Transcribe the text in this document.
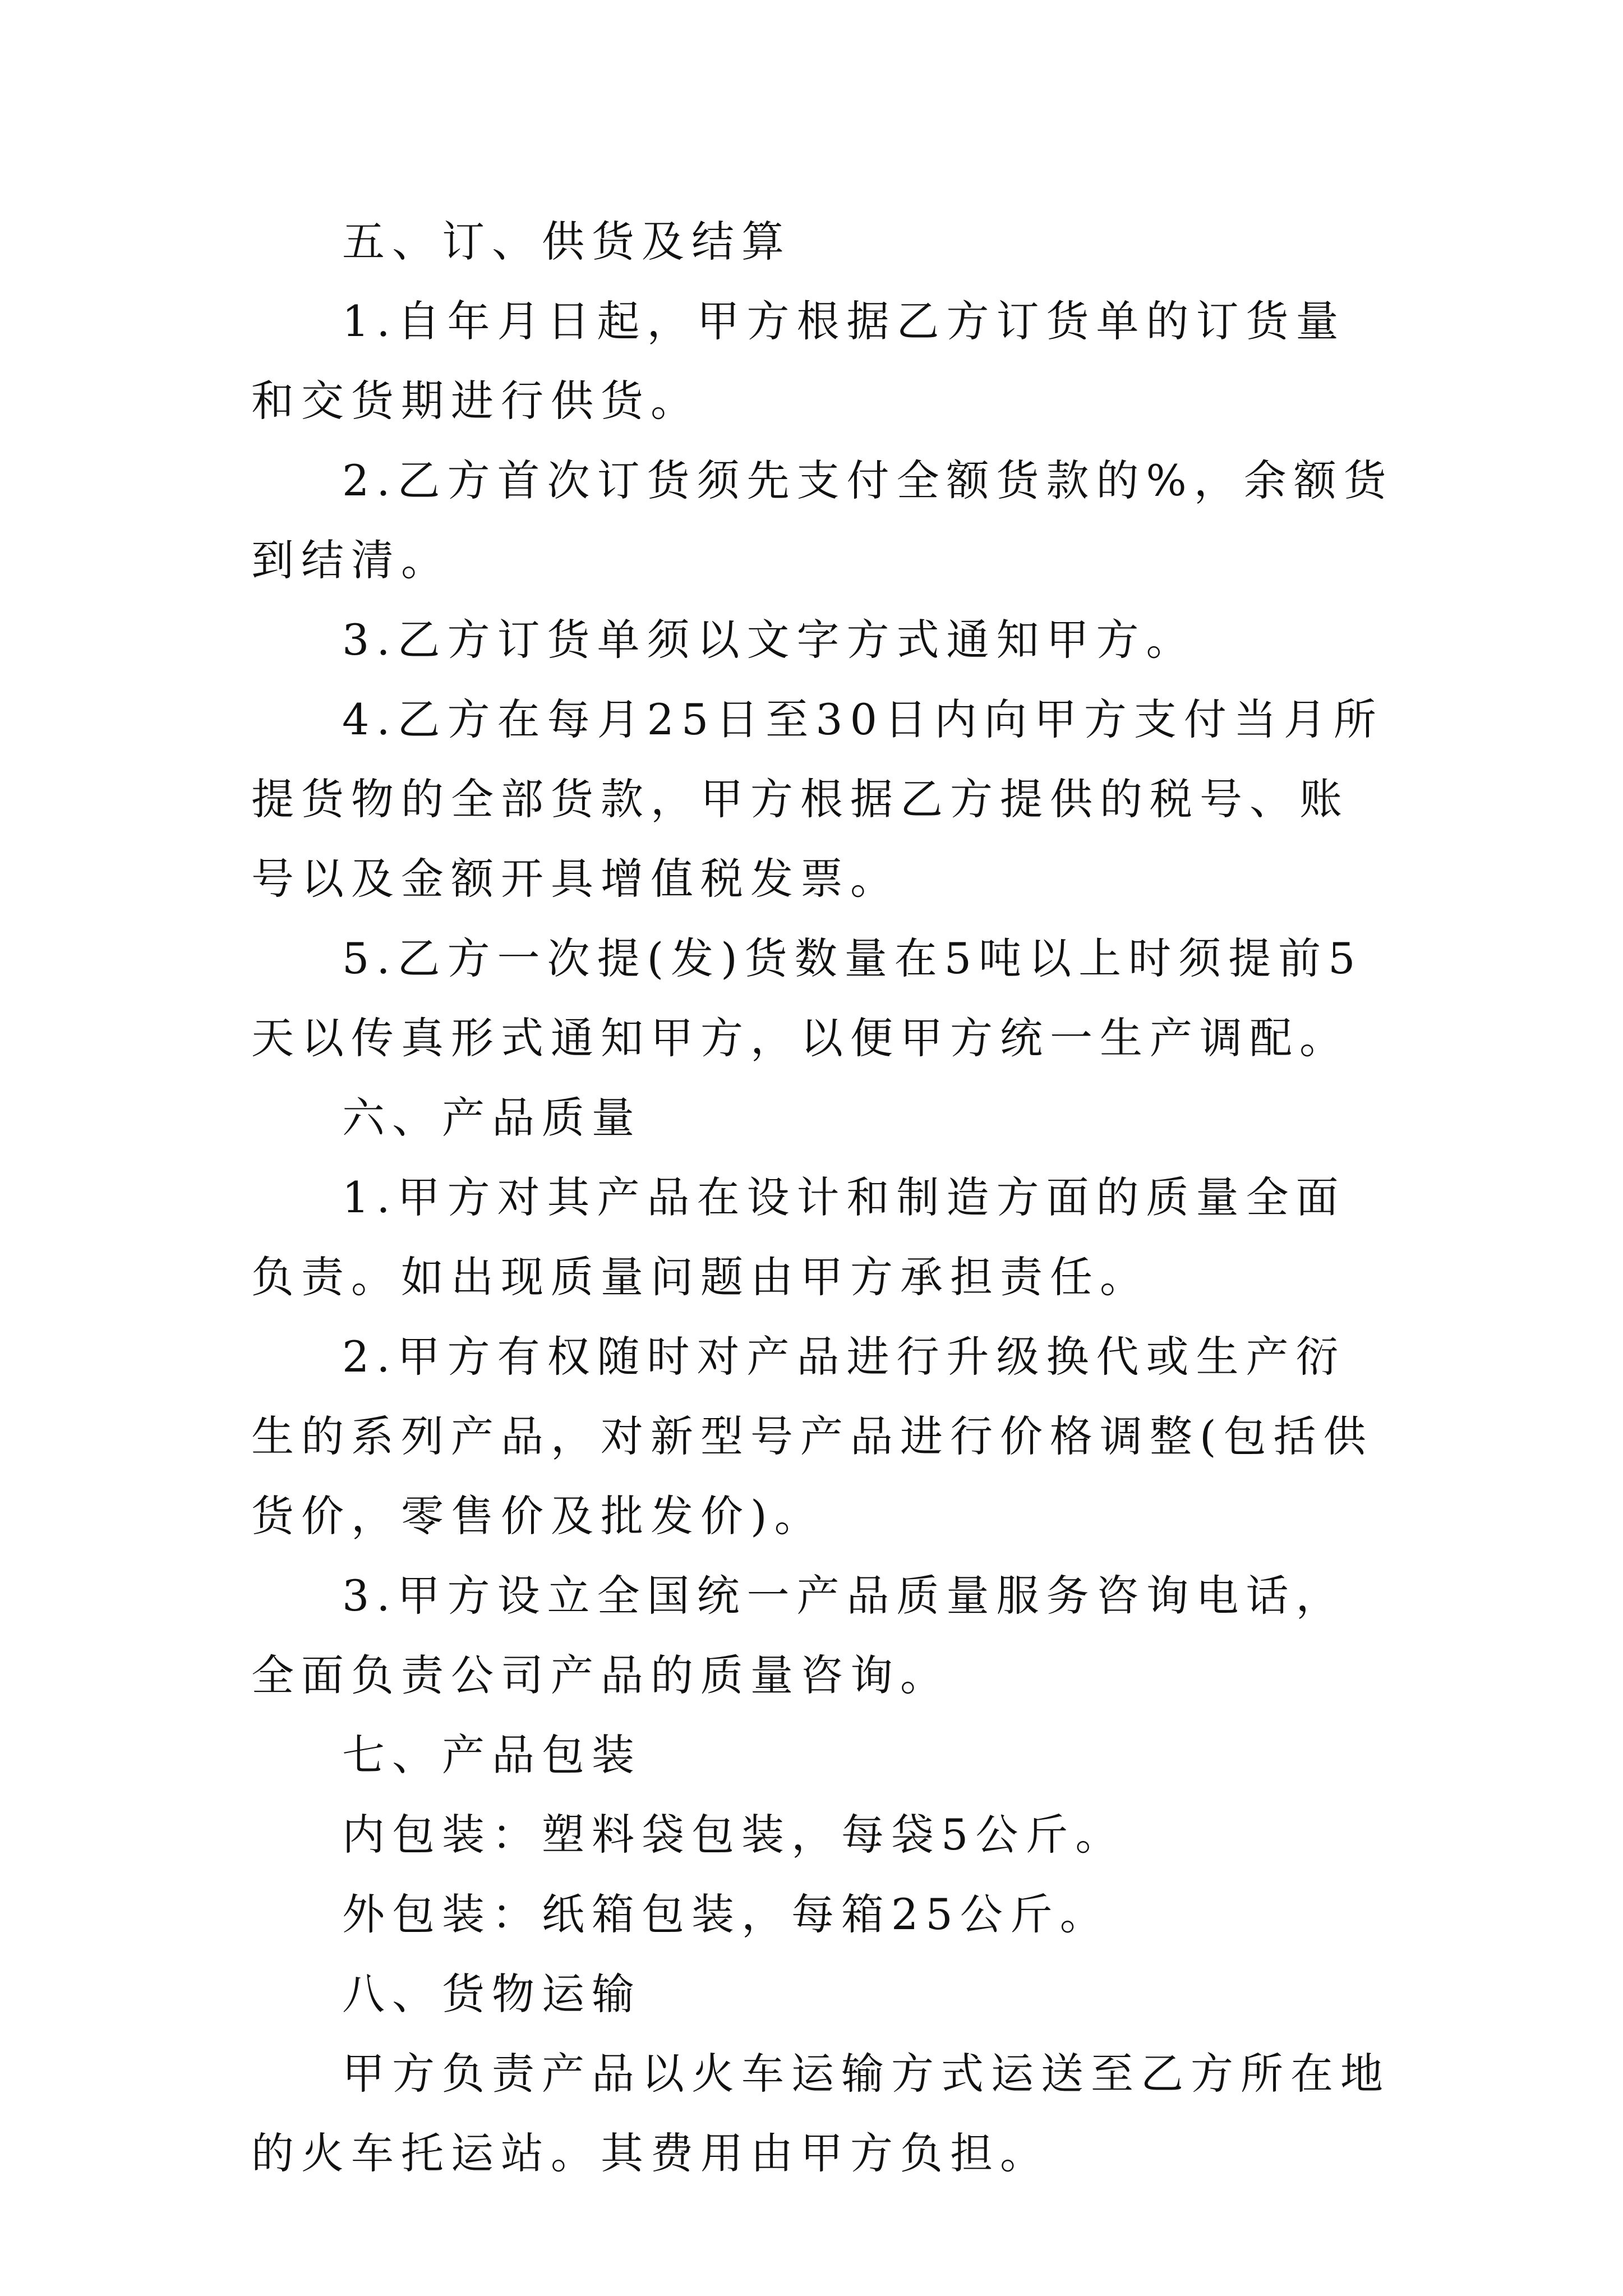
五、订、供货及结算

1.自年月日起，甲方根据乙方订货单的订货量和交货期进行供货。

2.乙方首次订货须先支付全额货款的%，余额货到结清。

3.乙方订货单须以文字方式通知甲方。

4.乙方在每月25日至30日内向甲方支付当月所提货物的全部货款，甲方根据乙方提供的税号、账号以及金额开具增值税发票。

5.乙方一次提(发)货数量在5吨以上时须提前5天以传真形式通知甲方，以便甲方统一生产调配。

六、产品质量

1.甲方对其产品在设计和制造方面的质量全面负责。如出现质量问题由甲方承担责任。

2.甲方有权随时对产品进行升级换代或生产衍生的系列产品，对新型号产品进行价格调整(包括供货价，零售价及批发价)。

3.甲方设立全国统一产品质量服务咨询电话，全面负责公司产品的质量咨询。

七、产品包装

内包装：塑料袋包装，每袋5公斤。

外包装：纸箱包装，每箱25公斤。

八、货物运输

甲方负责产品以火车运输方式运送至乙方所在地的火车托运站。其费用由甲方负担。
